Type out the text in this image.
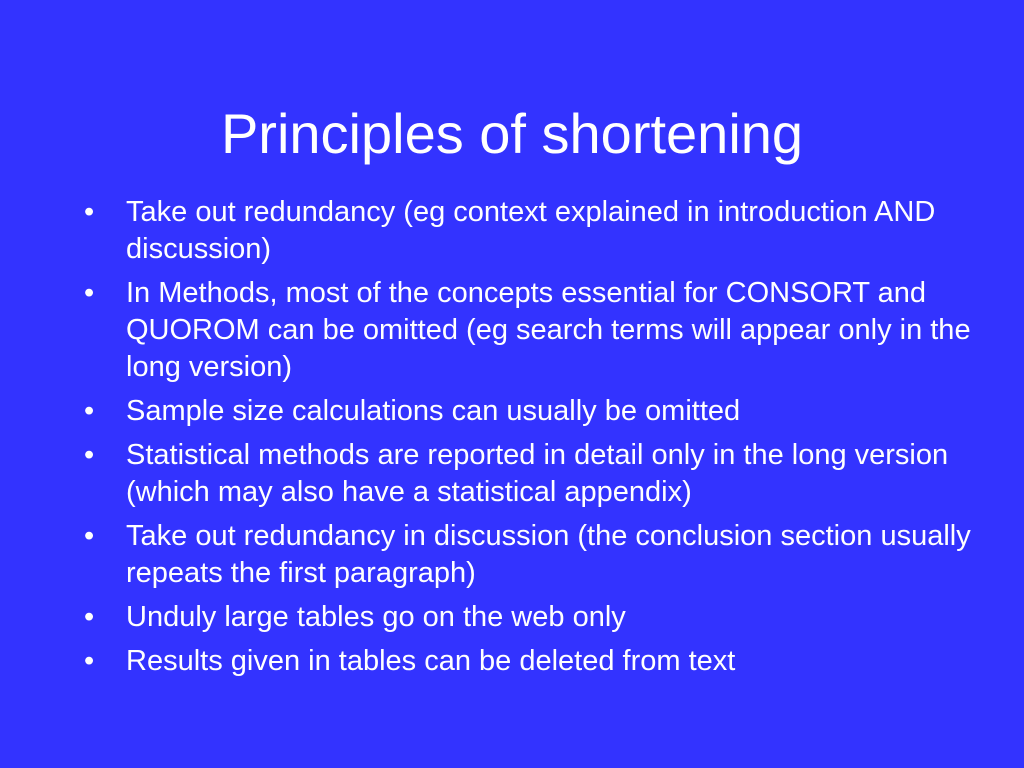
Principles of shortening
•	Take out redundancy (eg context explained in introduction AND discussion)
•	In Methods, most of the concepts essential for CONSORT and QUOROM can be omitted (eg search terms will appear only in the long version)
•	Sample size calculations can usually be omitted
•	Statistical methods are reported in detail only in the long version (which may also have a statistical appendix)
•	Take out redundancy in discussion (the conclusion section usually repeats the first paragraph)
•	Unduly large tables go on the web only
•	Results given in tables can be deleted from text
